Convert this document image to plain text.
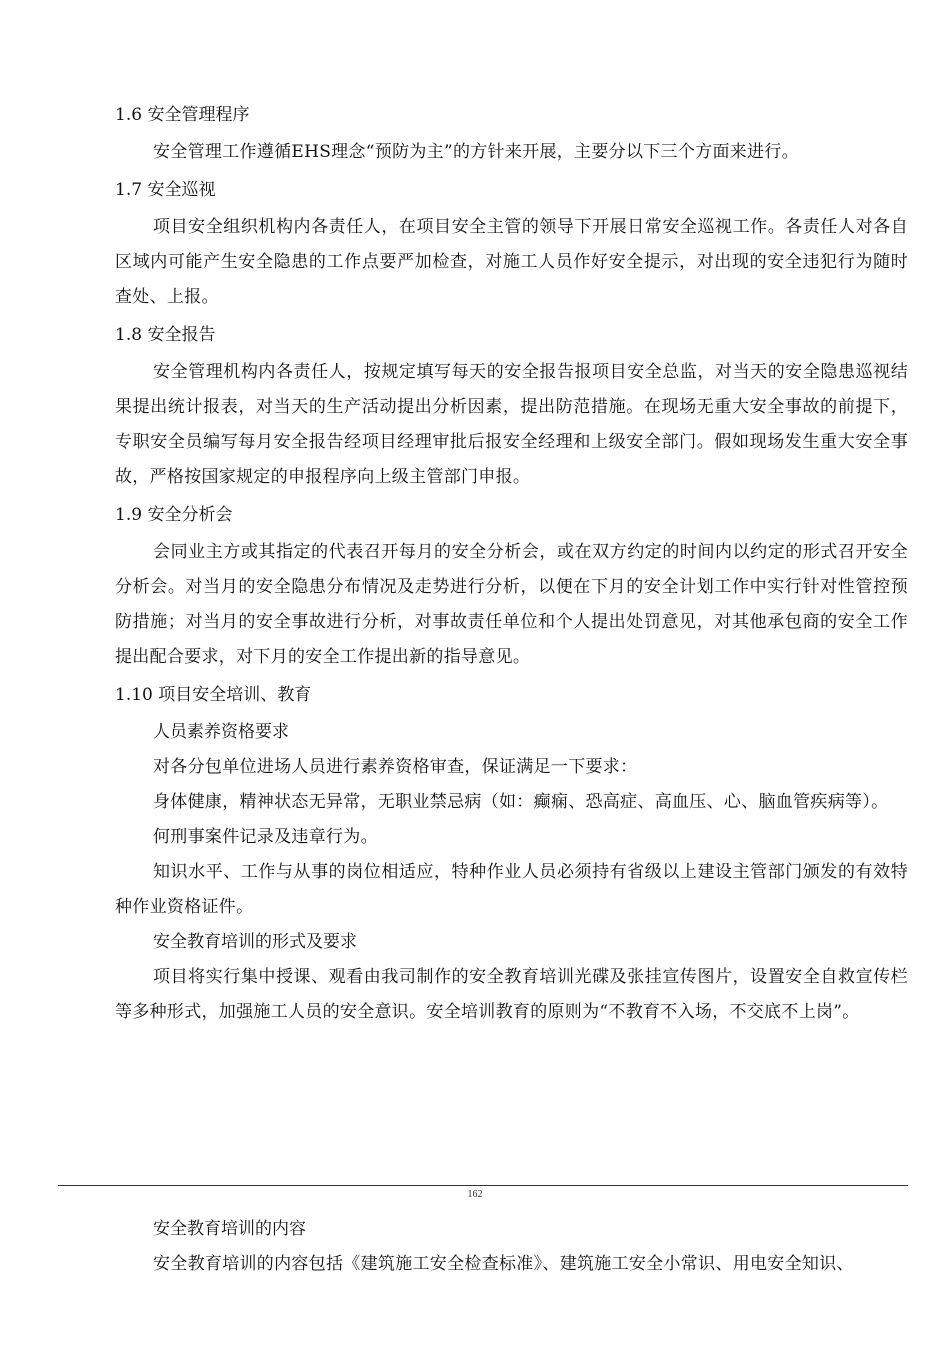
1.6 安全管理程序

安全管理工作遵循EHS理念“预防为主”的方针来开展，主要分以下三个方面来进行。

1.7 安全巡视

项目安全组织机构内各责任人，在项目安全主管的领导下开展日常安全巡视工作。各责任人对各自区域内可能产生安全隐患的工作点要严加检查，对施工人员作好安全提示，对出现的安全违犯行为随时查处、上报。

1.8 安全报告

安全管理机构内各责任人，按规定填写每天的安全报告报项目安全总监，对当天的安全隐患巡视结果提出统计报表，对当天的生产活动提出分析因素，提出防范措施。在现场无重大安全事故的前提下，专职安全员编写每月安全报告经项目经理审批后报安全经理和上级安全部门。假如现场发生重大安全事故，严格按国家规定的申报程序向上级主管部门申报。

1.9 安全分析会

会同业主方或其指定的代表召开每月的安全分析会，或在双方约定的时间内以约定的形式召开安全分析会。对当月的安全隐患分布情况及走势进行分析，以便在下月的安全计划工作中实行针对性管控预防措施；对当月的安全事故进行分析，对事故责任单位和个人提出处罚意见，对其他承包商的安全工作提出配合要求，对下月的安全工作提出新的指导意见。

1.10 项目安全培训、教育

人员素养资格要求

对各分包单位进场人员进行素养资格审查，保证满足一下要求：

身体健康，精神状态无异常，无职业禁忌病（如：癫痫、恐高症、高血压、心、脑血管疾病等）。

何刑事案件记录及违章行为。

知识水平、工作与从事的岗位相适应，特种作业人员必须持有省级以上建设主管部门颁发的有效特种作业资格证件。

安全教育培训的形式及要求

项目将实行集中授课、观看由我司制作的安全教育培训光碟及张挂宣传图片，设置安全自救宣传栏等多种形式，加强施工人员的安全意识。安全培训教育的原则为“不教育不入场，不交底不上岗”。

162

安全教育培训的内容

安全教育培训的内容包括《建筑施工安全检查标准》、建筑施工安全小常识、用电安全知识、
